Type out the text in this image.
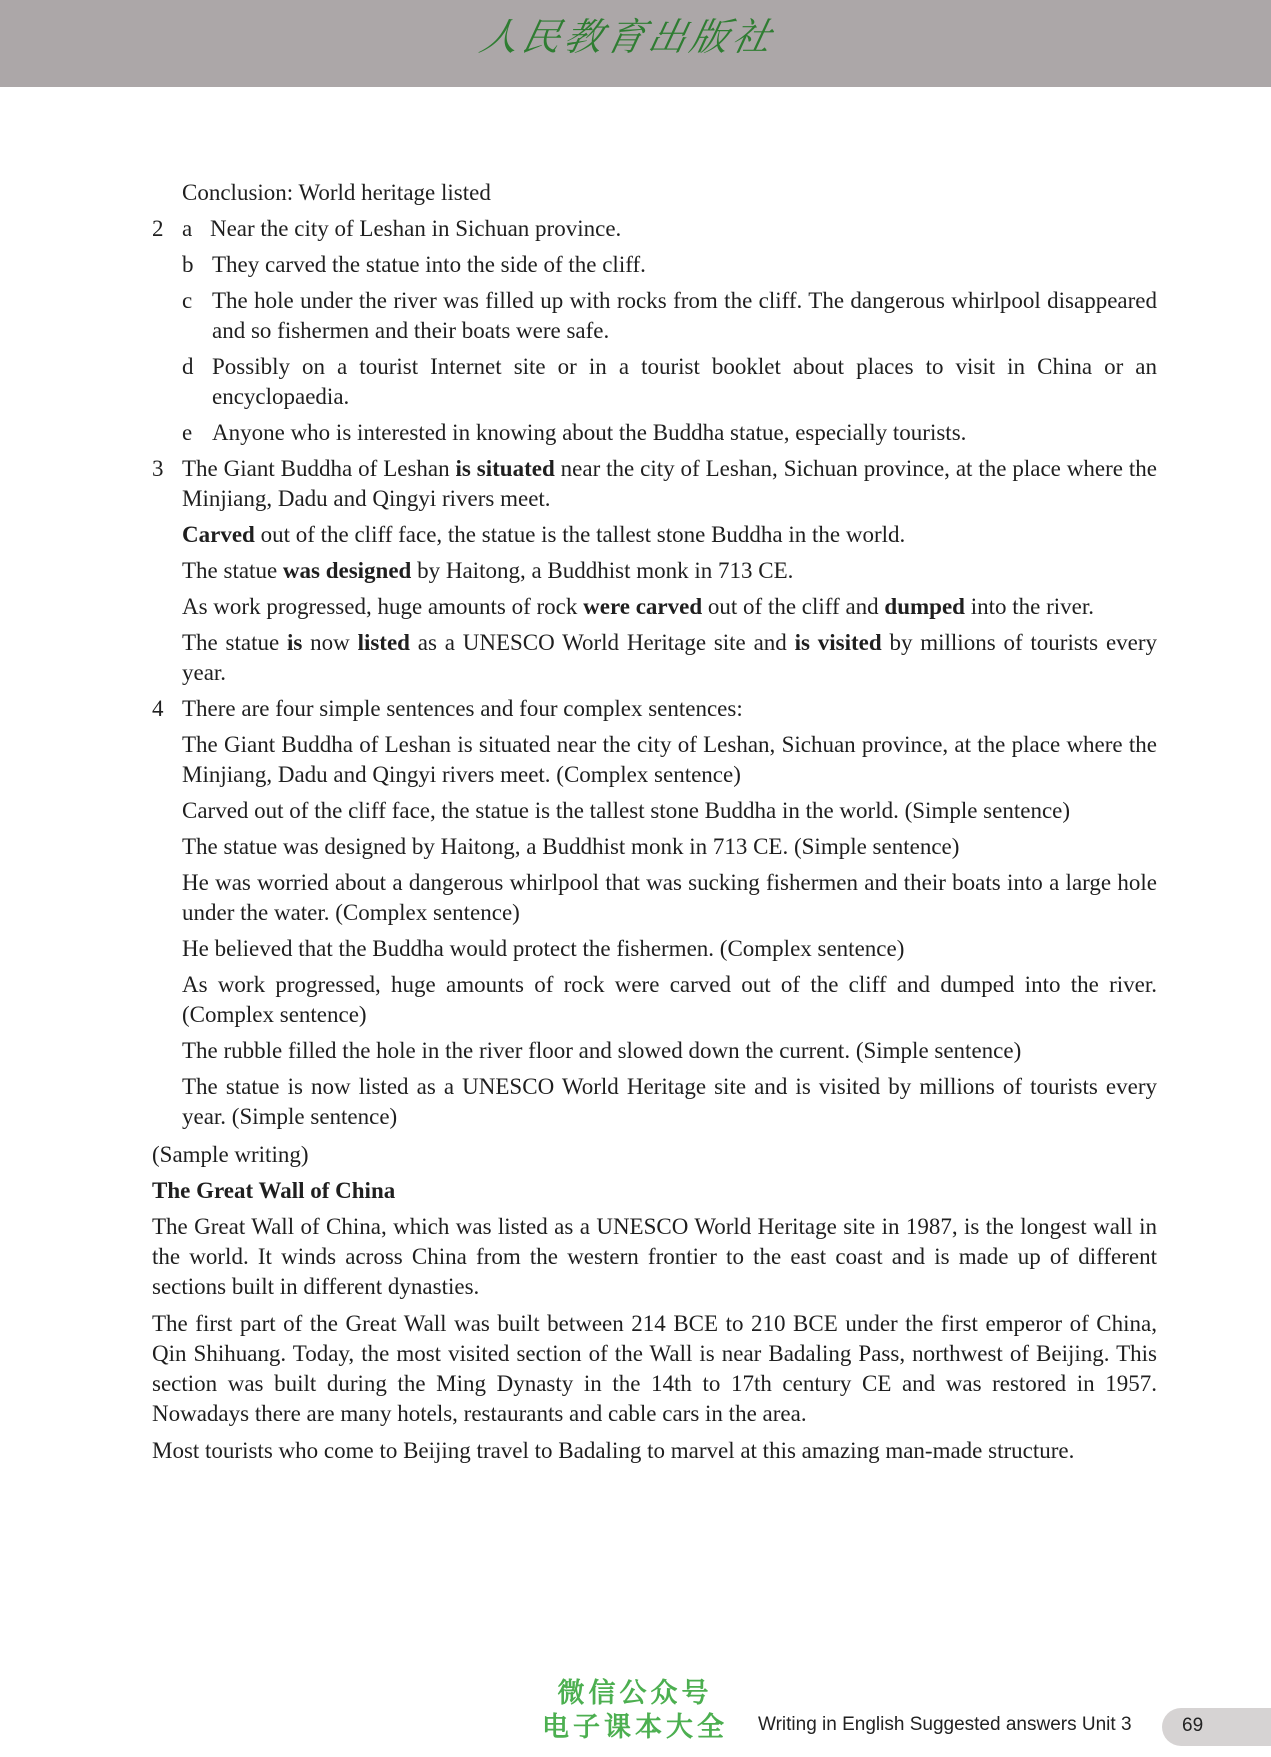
人民教育出版社

Conclusion: World heritage listed

2 a Near the city of Leshan in Sichuan province.
b They carved the statue into the side of the cliff.
c The hole under the river was filled up with rocks from the cliff. The dangerous whirlpool disappeared and so fishermen and their boats were safe.
d Possibly on a tourist Internet site or in a tourist booklet about places to visit in China or an encyclopaedia.
e Anyone who is interested in knowing about the Buddha statue, especially tourists.
3 The Giant Buddha of Leshan is situated near the city of Leshan, Sichuan province, at the place where the Minjiang, Dadu and Qingyi rivers meet.

Carved out of the cliff face, the statue is the tallest stone Buddha in the world.

The statue was designed by Haitong, a Buddhist monk in 713 CE.

As work progressed, huge amounts of rock were carved out of the cliff and dumped into the river.

The statue is now listed as a UNESCO World Heritage site and is visited by millions of tourists every year.

4 There are four simple sentences and four complex sentences:

The Giant Buddha of Leshan is situated near the city of Leshan, Sichuan province, at the place where the Minjiang, Dadu and Qingyi rivers meet. (Complex sentence)

Carved out of the cliff face, the statue is the tallest stone Buddha in the world. (Simple sentence)

The statue was designed by Haitong, a Buddhist monk in 713 CE. (Simple sentence)

He was worried about a dangerous whirlpool that was sucking fishermen and their boats into a large hole under the water. (Complex sentence)

He believed that the Buddha would protect the fishermen. (Complex sentence)

As work progressed, huge amounts of rock were carved out of the cliff and dumped into the river. (Complex sentence)

The rubble filled the hole in the river floor and slowed down the current. (Simple sentence)

The statue is now listed as a UNESCO World Heritage site and is visited by millions of tourists every year. (Simple sentence)

(Sample writing)

The Great Wall of China

The Great Wall of China, which was listed as a UNESCO World Heritage site in 1987, is the longest wall in the world. It winds across China from the western frontier to the east coast and is made up of different sections built in different dynasties.

The first part of the Great Wall was built between 214 BCE to 210 BCE under the first emperor of China, Qin Shihuang. Today, the most visited section of the Wall is near Badaling Pass, northwest of Beijing. This section was built during the Ming Dynasty in the 14th to 17th century CE and was restored in 1957. Nowadays there are many hotels, restaurants and cable cars in the area.

Most tourists who come to Beijing travel to Badaling to marvel at this amazing man-made structure.

微信公众号
电子课本大全	Writing in English Suggested answers Unit 3	69
